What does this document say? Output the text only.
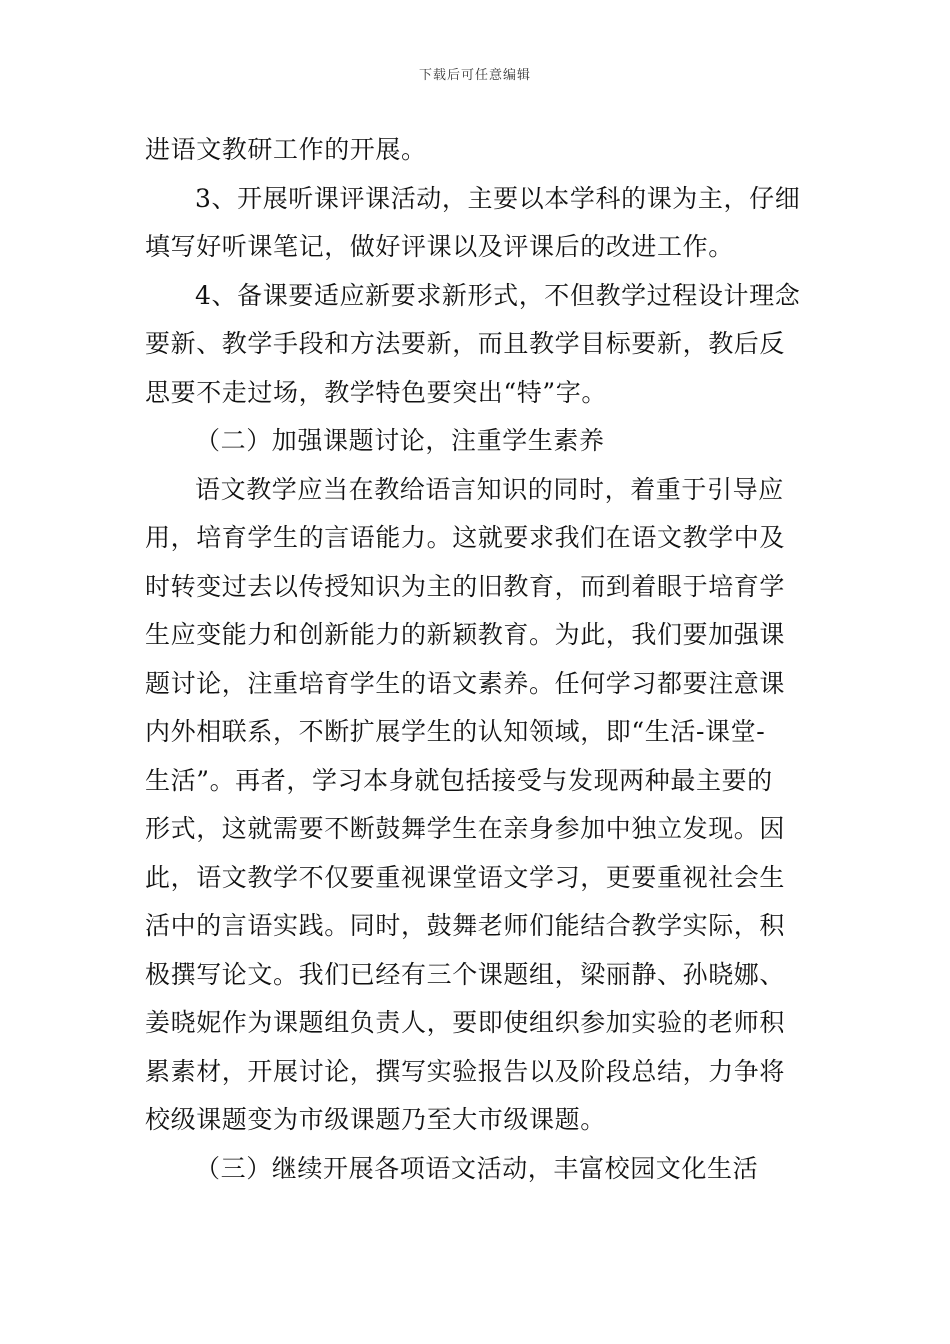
下载后可任意编辑
进语文教研工作的开展。
3、开展听课评课活动，主要以本学科的课为主，仔细
填写好听课笔记，做好评课以及评课后的改进工作。
4、备课要适应新要求新形式，不但教学过程设计理念
要新、教学手段和方法要新，而且教学目标要新，教后反
思要不走过场，教学特色要突出“特”字。
（二）加强课题讨论，注重学生素养
语文教学应当在教给语言知识的同时，着重于引导应
用，培育学生的言语能力。这就要求我们在语文教学中及
时转变过去以传授知识为主的旧教育，而到着眼于培育学
生应变能力和创新能力的新颖教育。为此，我们要加强课
题讨论，注重培育学生的语文素养。任何学习都要注意课
内外相联系，不断扩展学生的认知领域，即“生活-课堂-
生活”。再者，学习本身就包括接受与发现两种最主要的
形式，这就需要不断鼓舞学生在亲身参加中独立发现。因
此，语文教学不仅要重视课堂语文学习，更要重视社会生
活中的言语实践。同时，鼓舞老师们能结合教学实际，积
极撰写论文。我们已经有三个课题组，梁丽静、孙晓娜、
姜晓妮作为课题组负责人，要即使组织参加实验的老师积
累素材，开展讨论，撰写实验报告以及阶段总结，力争将
校级课题变为市级课题乃至大市级课题。
（三）继续开展各项语文活动，丰富校园文化生活
